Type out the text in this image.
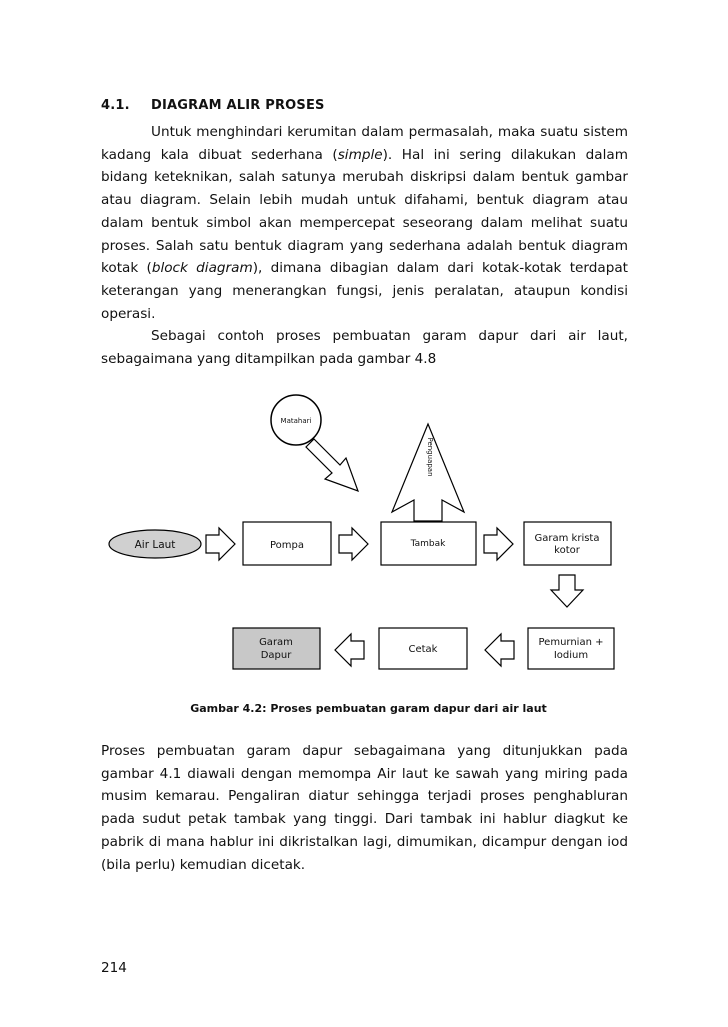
4.1. DIAGRAM ALIR PROSES

Untuk menghindari kerumitan dalam permasalah, maka suatu sistem kadang kala dibuat sederhana (simple). Hal ini sering dilakukan dalam bidang keteknikan, salah satunya merubah diskripsi dalam bentuk gambar atau diagram. Selain lebih mudah untuk difahami, bentuk diagram atau dalam bentuk simbol akan mempercepat seseorang dalam melihat suatu proses. Salah satu bentuk diagram yang sederhana adalah bentuk diagram kotak (block diagram), dimana dibagian dalam dari kotak-kotak terdapat keterangan yang menerangkan fungsi, jenis peralatan, ataupun kondisi operasi.

Sebagai contoh proses pembuatan garam dapur dari air laut, sebagaimana yang ditampilkan pada gambar 4.8

Matahari
Penguapan
Air Laut	Pompa	Tambak	Garam krista
kotor
Garam
Dapur
Cetak
Pemurnian +
Iodium
Gambar 4.2: Proses pembuatan garam dapur dari air laut

Proses pembuatan garam dapur sebagaimana yang ditunjukkan pada gambar 4.1 diawali dengan memompa Air laut ke sawah yang miring pada musim kemarau. Pengaliran diatur sehingga terjadi proses penghabluran pada sudut petak tambak yang tinggi. Dari tambak ini hablur diagkut ke pabrik di mana hablur ini dikristalkan lagi, dimumikan, dicampur dengan iod (bila perlu) kemudian dicetak.

214
